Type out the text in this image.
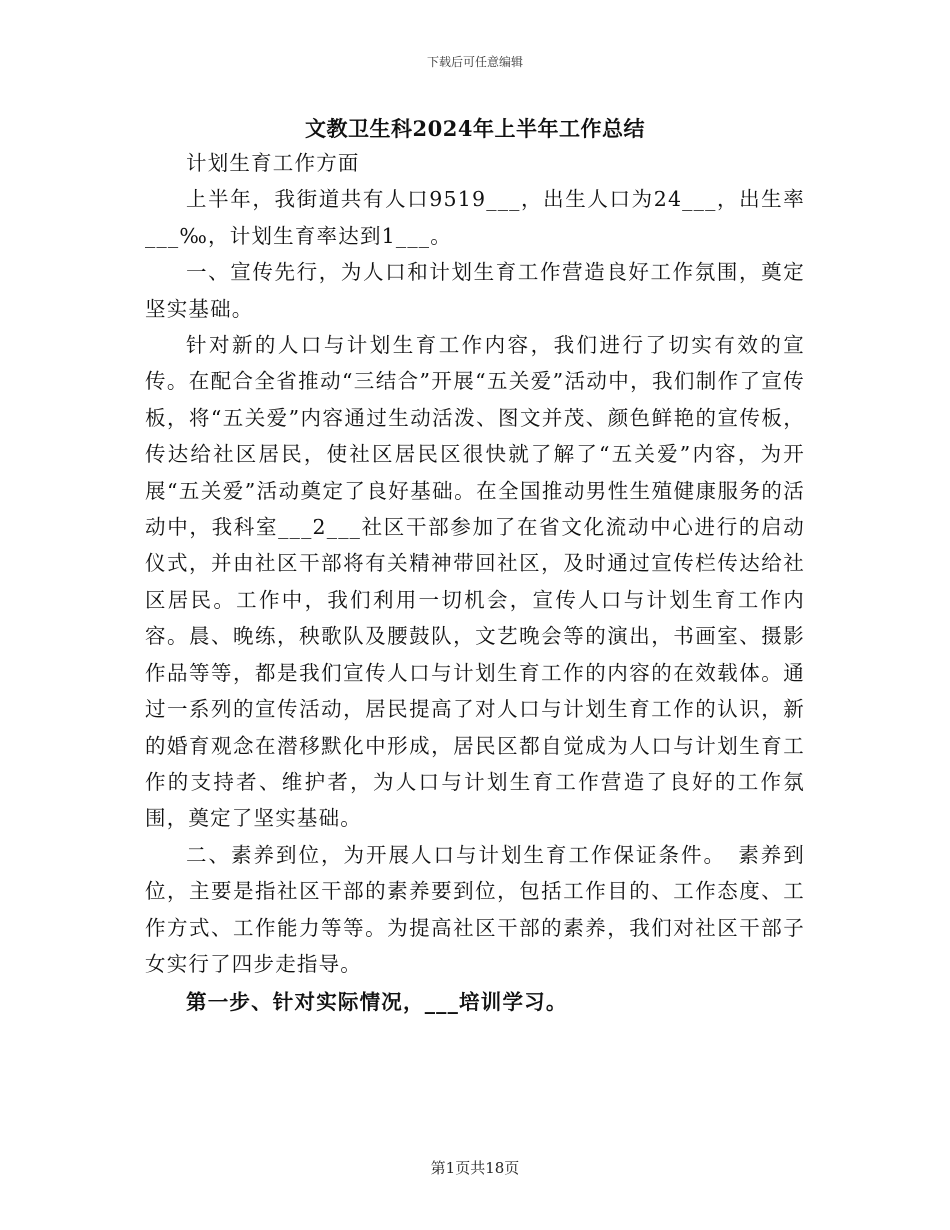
下载后可任意编辑
文教卫生科2024年上半年工作总结

计划生育工作方面

上半年，我街道共有人口9519___，出生人口为24___，出生率___‰，计划生育率达到1___。

一、宣传先行，为人口和计划生育工作营造良好工作氛围，奠定坚实基础。

针对新的人口与计划生育工作内容，我们进行了切实有效的宣传。在配合全省推动“三结合”开展“五关爱”活动中，我们制作了宣传板，将“五关爱”内容通过生动活泼、图文并茂、颜色鲜艳的宣传板，传达给社区居民，使社区居民区很快就了解了“五关爱”内容，为开展“五关爱”活动奠定了良好基础。在全国推动男性生殖健康服务的活动中，我科室___2___社区干部参加了在省文化流动中心进行的启动仪式，并由社区干部将有关精神带回社区，及时通过宣传栏传达给社区居民。工作中，我们利用一切机会，宣传人口与计划生育工作内容。晨、晚练，秧歌队及腰鼓队，文艺晚会等的演出，书画室、摄影作品等等，都是我们宣传人口与计划生育工作的内容的在效载体。通过一系列的宣传活动，居民提高了对人口与计划生育工作的认识，新的婚育观念在潜移默化中形成，居民区都自觉成为人口与计划生育工作的支持者、维护者，为人口与计划生育工作营造了良好的工作氛围，奠定了坚实基础。

二、素养到位，为开展人口与计划生育工作保证条件。　素养到位，主要是指社区干部的素养要到位，包括工作目的、工作态度、工作方式、工作能力等等。为提高社区干部的素养，我们对社区干部子女实行了四步走指导。

第一步、针对实际情况，___培训学习。

第1页共18页
